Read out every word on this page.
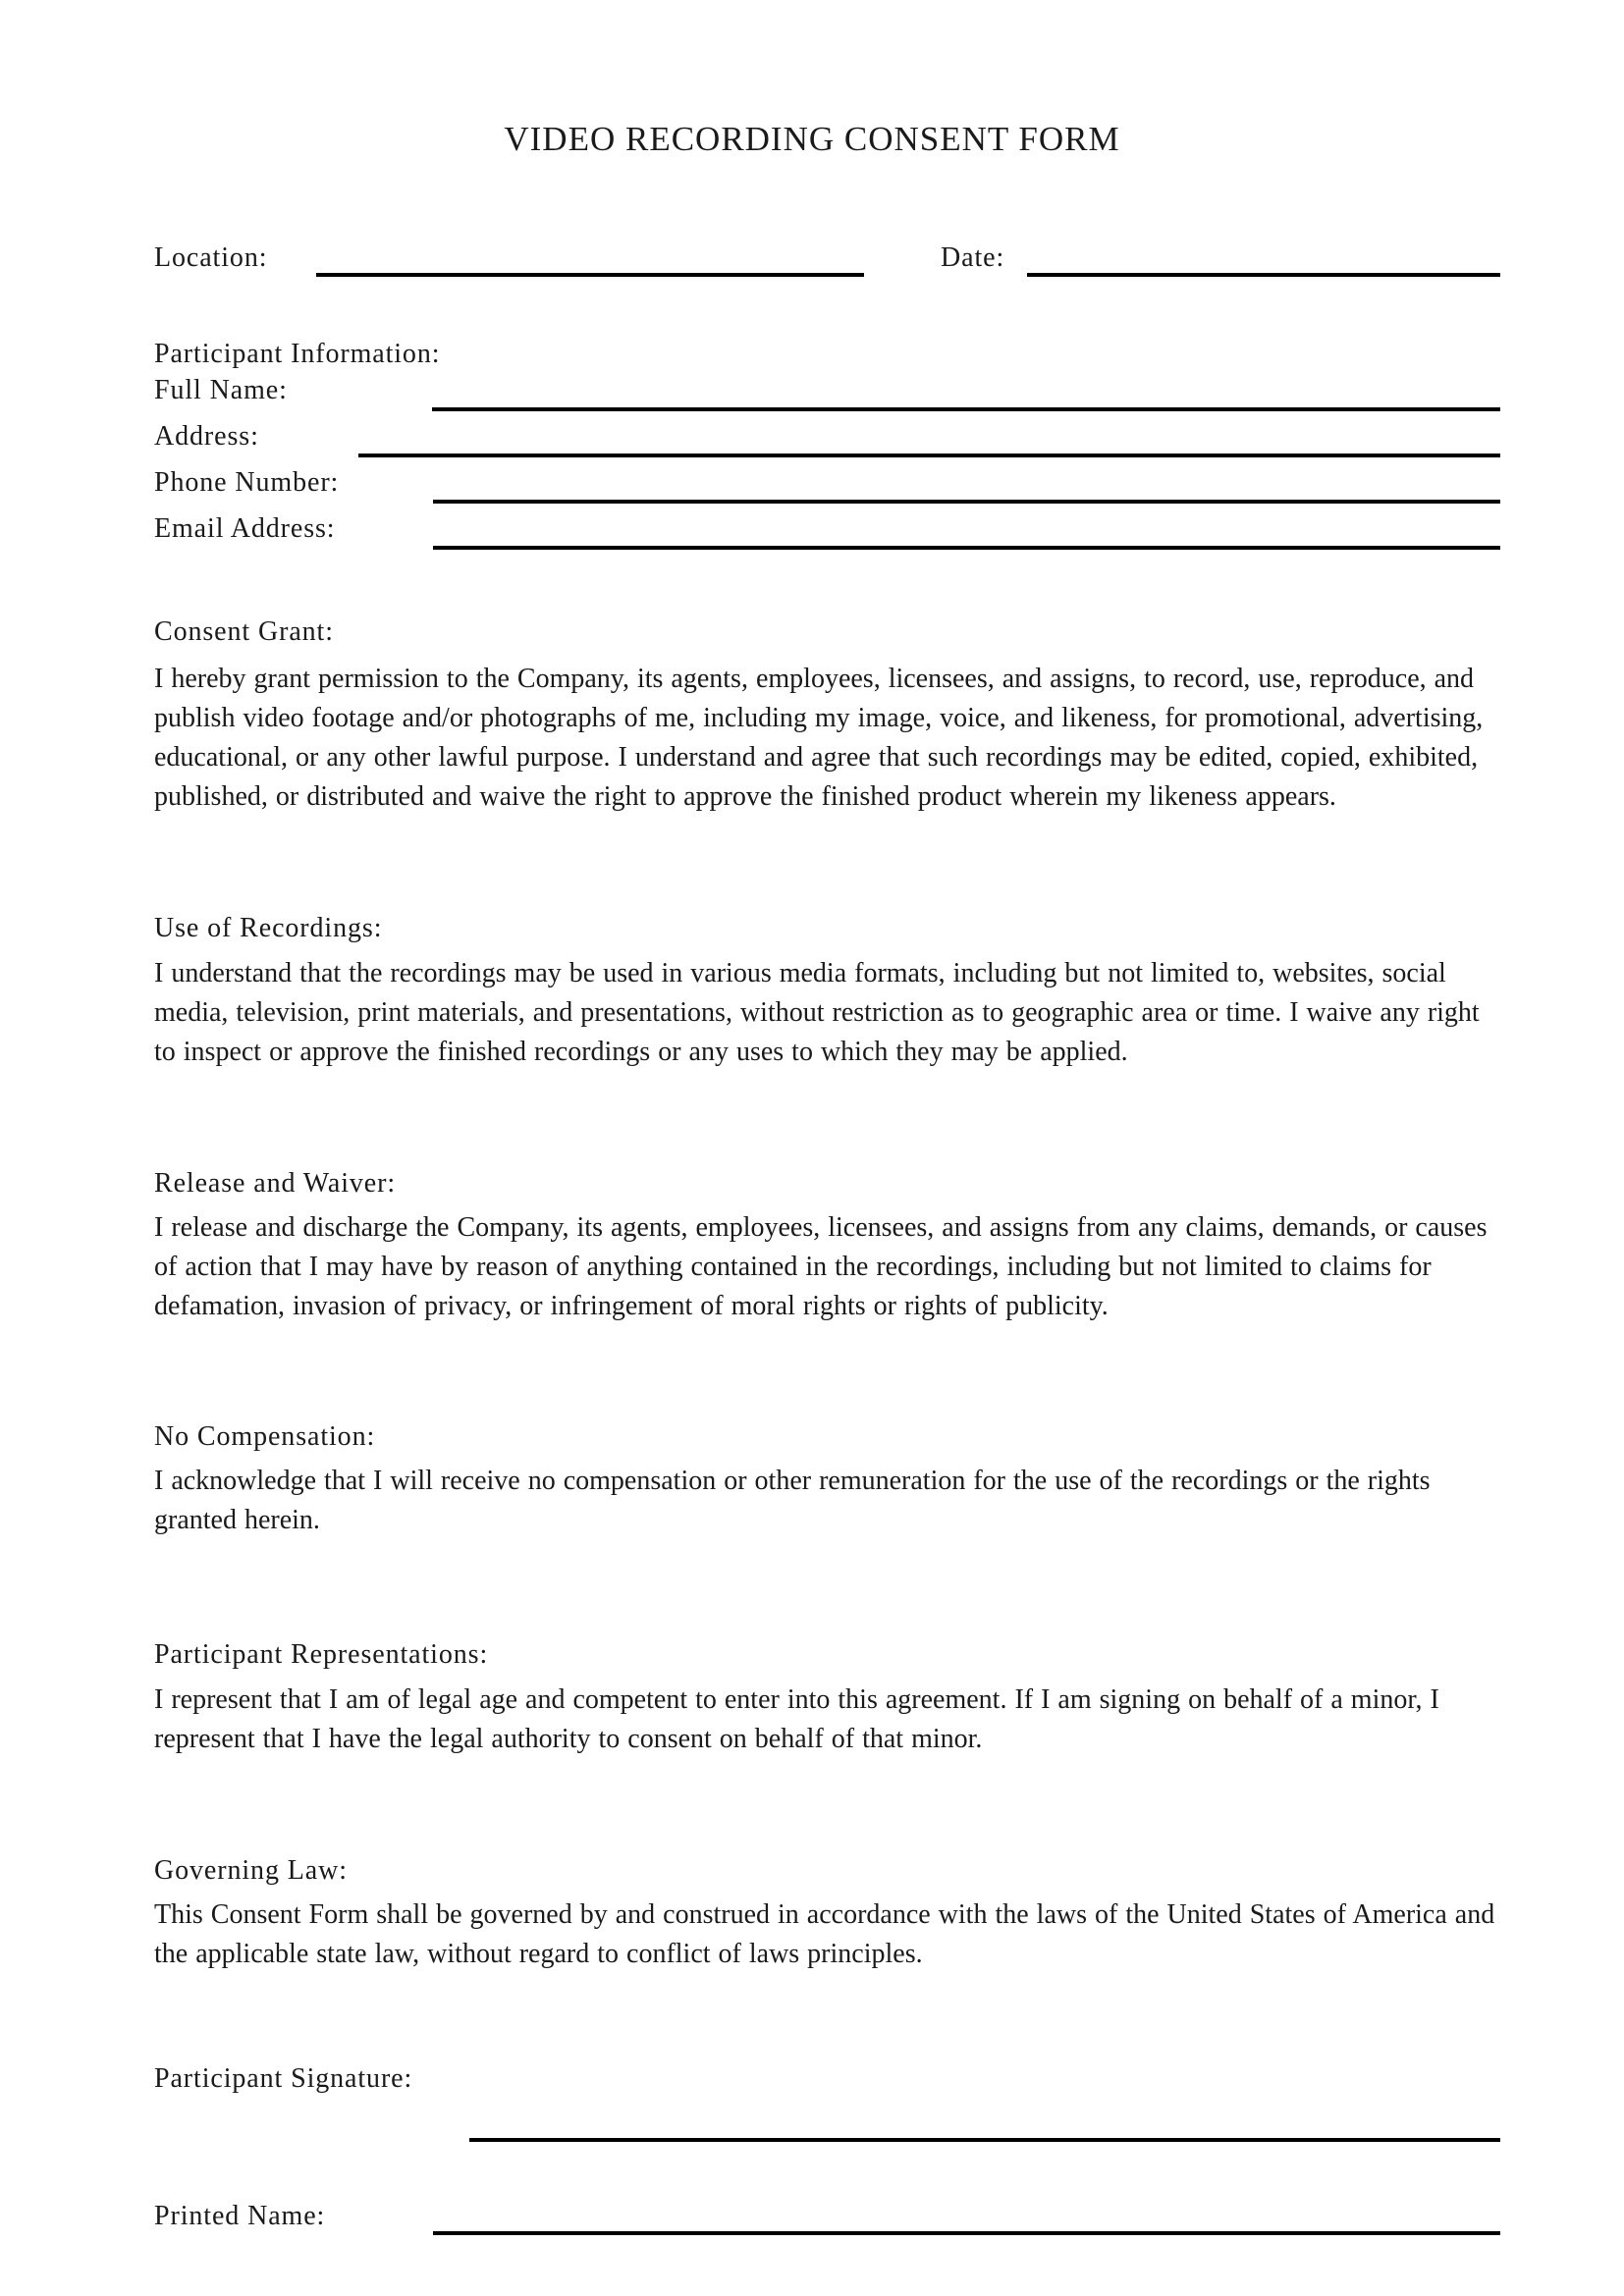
VIDEO RECORDING CONSENT FORM
Location:	Date:
Participant Information:
Full Name:
Address:
Phone Number:
Email Address:
Consent Grant:
I hereby grant permission to the Company, its agents, employees, licensees, and assigns, to record, use, reproduce, and publish video footage and/or photographs of me, including my image, voice, and likeness, for promotional, advertising, educational, or any other lawful purpose. I understand and agree that such recordings may be edited, copied, exhibited, published, or distributed and waive the right to approve the finished product wherein my likeness appears.
Use of Recordings:
I understand that the recordings may be used in various media formats, including but not limited to, websites, social media, television, print materials, and presentations, without restriction as to geographic area or time. I waive any right to inspect or approve the finished recordings or any uses to which they may be applied.
Release and Waiver:
I release and discharge the Company, its agents, employees, licensees, and assigns from any claims, demands, or causes of action that I may have by reason of anything contained in the recordings, including but not limited to claims for defamation, invasion of privacy, or infringement of moral rights or rights of publicity.
No Compensation:
I acknowledge that I will receive no compensation or other remuneration for the use of the recordings or the rights granted herein.
Participant Representations:
I represent that I am of legal age and competent to enter into this agreement. If I am signing on behalf of a minor, I represent that I have the legal authority to consent on behalf of that minor.
Governing Law:
This Consent Form shall be governed by and construed in accordance with the laws of the United States of America and the applicable state law, without regard to conflict of laws principles.
Participant Signature:
Printed Name:
